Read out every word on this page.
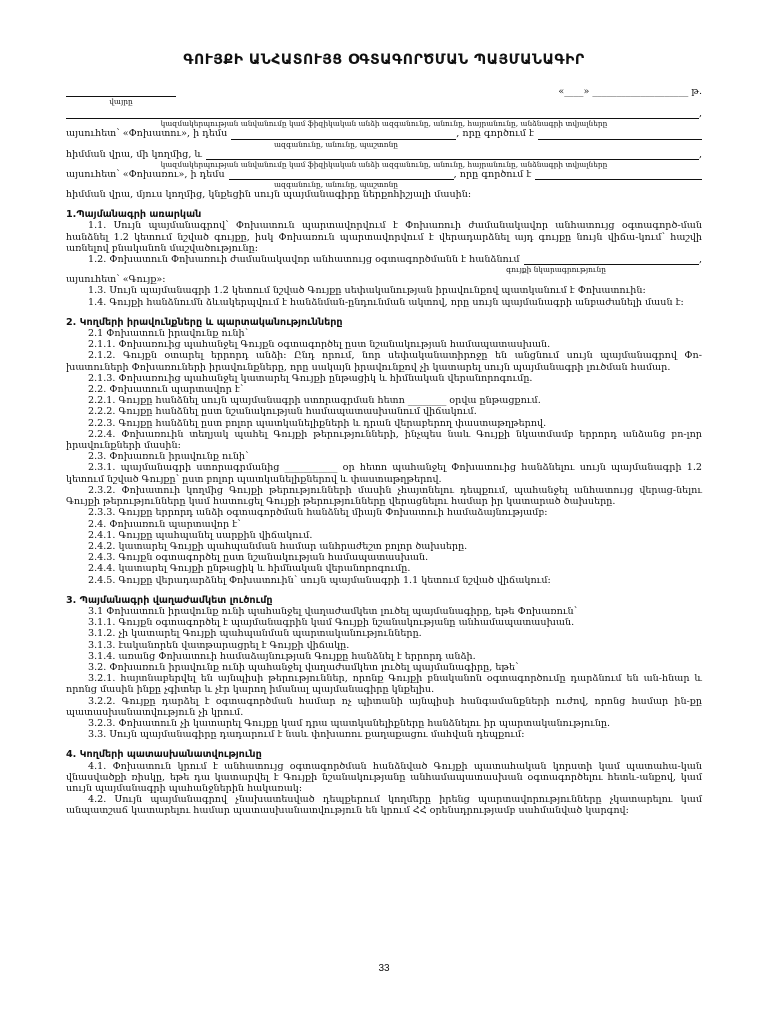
ԳՈՒՅՔԻ ԱՆՀԱՏՈՒՅՑ ՕԳՏԱԳՈՐԾՄԱՆ ՊԱՅՄԱՆԱԳԻՐ
«____» ____________________ թ.
վայրը
,
կազմակերպության անվանումը կամ ֆիզիկական անձի ազգանունը, անունը, հայրանունը, անձնագրի տվյալները
այսուհետ՝ «Փոխատու», ի դեմս	, որը գործում է
ազգանունը, անունը, պաշտոնը
հիմման վրա, մի կողմից, և	,
կազմակերպության անվանումը կամ ֆիզիկական անձի ազգանունը, անունը, հայրանունը, անձնագրի տվյալները
այսուհետ՝ «Փոխառու», ի դեմս	, որը գործում է
ազգանունը, անունը, պաշտոնը

հիմման վրա, մյուս կողմից, կնքեցին սույն պայմանագիրը ներքոհիշյալի մասին:

1.Պայմանագրի առարկան

1.1. Սույն պայմանագրով՝ Փոխատուն պարտավորվում է Փոխառուի ժամանակավոր անհատույց օգտագործ-ման հանձնել 1.2 կետում նշված գույքը, իսկ Փոխառուն պարտավորվում է վերադարձնել այդ գույքը նույն վիճա-կում՝ հաշվի առնելով բնականոն մաշվածությունը:

1.2. Փոխատուն Փոխառուի ժամանակավոր անհատույց օգտագործմանն է հանձնում	,
գույքի նկարագրությունը

այսուհետ՝ «Գույք»:

1.3. Սույն պայմանագրի 1.2 կետում նշված Գույքը սեփականության իրավունքով պատկանում է Փոխատուին:

1.4. Գույքի հանձնումն ձևակերպվում է հանձնման-ընդունման ակտով, որը սույն պայմանագրի անբաժանելի մասն է:

2. Կողմերի իրավունքները և պարտականությունները

2.1 Փոխատուն իրավունք ունի՝

2.1.1. Փոխառուից պահանջել Գույքն օգտագործել ըստ նշանակության համապատասխան.

2.1.2. Գույքն օտարել երրորդ անձի: Ընդ որում, նոր սեփականատիրոջը են անցնում սույն պայմանագրով Փո-խատուների Փոխառուների իրավունքները, որը սակայն իրավունքով չի կատարել սույն պայմանագրի լուծման համար.

2.1.3. Փոխառուից պահանջել կատարել Գույքի ընթացիկ և հիմնական վերանորոգումը.

2.2. Փոխատուն պարտավոր է՝

2.2.1. Գույքը հանձնել սույն պայմանագրի ստորագրման հետո ________ օրվա ընթացքում.

2.2.2. Գույքը հանձնել ըստ նշանակության համապատասխանում վիճակում.

2.2.3. Գույքը հանձնել ըստ բոլոր պատկանելիքների և դրան վերաբերող փաստաթղթերով.

2.2.4. Փոխառուին տեղյակ պահել Գույքի թերությունների, ինչպես նաև Գույքի նկատմամբ երրորդ անձանց բո-լոր իրավունքների մասին:

2.3. Փոխառուն իրավունք ունի՝

2.3.1. պայմանագրի ստորագրմանից ___________ օր հետո պահանջել Փոխատուից հանձնելու սույն պայմանագրի 1.2 կետում նշված Գույքը՝ ըստ բոլոր պատկանելիքներով և փաստաթղթերով.

2.3.2. Փոխատուի կողմից Գույքի թերությունների մասին չհայտնելու դեպքում, պահանջել անհատույց վերաց-նելու Գույքի թերությունները կամ հատուցել Գույքի թերությունները վերացնելու համար իր կատարած ծախսերը.

2.3.3. Գույքը երրորդ անձի օգտագործման հանձնել միայն Փոխատուի համաձայնությամբ:

2.4. Փոխառուն պարտավոր է՝

2.4.1. Գույքը պահպանել սարքին վիճակում.

2.4.2. կատարել Գույքի պահպանման համար անհրաժեշտ բոլոր ծախսերը.

2.4.3. Գույքն օգտագործել ըստ նշանակության համապատասխան.

2.4.4. կատարել Գույքի ընթացիկ և հիմնական վերանորոգումը.

2.4.5. Գույքը վերադարձնել Փոխատուին՝ սույն պայմանագրի 1.1 կետում նշված վիճակում:

3. Պայմանագրի վաղաժամկետ լուծումը

3.1 Փոխատուն իրավունք ունի պահանջել վաղաժամկետ լուծել պայմանագիրը, եթե Փոխառուն՝

3.1.1. Գույքն օգտագործել է պայմանագրին կամ Գույքի նշանակությանը անհամապատասխան.

3.1.2. չի կատարել Գույքի պահպանման պարտականությունները.

3.1.3. էականորեն վատթարացրել է Գույքի վիճակը.

3.1.4. առանց Փոխատուի համաձայնության Գույքը հանձնել է երրորդ անձի.

3.2. Փոխառուն իրավունք ունի պահանջել վաղաժամկետ լուծել պայմանագիրը, եթե՝

3.2.1. հայտնաբերվել են այնպիսի թերություններ, որոնք Գույքի բնականոն օգտագործումը դարձնում են ան-հնար և որոնց մասին ինքը չգիտեր և չէր կարող իմանալ պայմանագիրը կնքելիս.

3.2.2. Գույքը դարձել է օգտագործման համար ոչ պիտանի այնպիսի հանգամանքների ուժով, որոնց համար ին-քը պատասխանատվություն չի կրում.

3.2.3. Փոխատուն չի կատարել Գույքը կամ դրա պատկանելիքները հանձնելու իր պարտականությունը.

3.3. Սույն պայմանագիրը դադարում է նաև փոխառու քաղաքացու մահվան դեպքում:

4. Կողմերի պատասխանատվությունը

4.1. Փոխատուն կրում է անհատույց օգտագործման հանձնված Գույքի պատահական կորստի կամ պատահա-կան վնասվածքի ռիսկը, եթե դա կատարվել է Գույքի նշանակությանը անհամապատասխան օգտագործելու հետև-անքով, կամ սույն պայմանագրի պահանջներին հակառակ:

4.2. Սույն պայմանագրով չնախատեսված դեպքերում կողմերը իրենց պարտավորությունները չկատարելու կամ անպատշաճ կատարելու համար պատասխանատվություն են կրում ՀՀ օրենսդրությամբ սահմանված կարգով:

33
